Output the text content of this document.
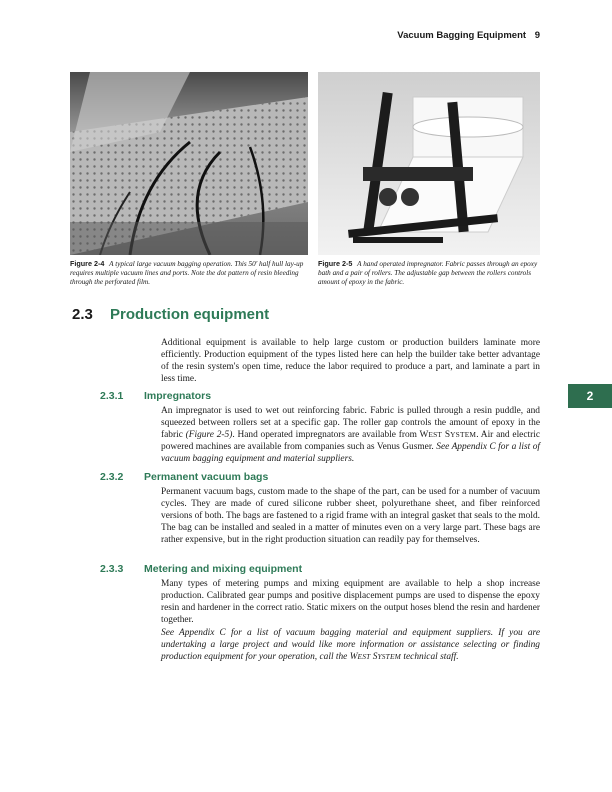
Vacuum Bagging Equipment 9
Figure 2-4 A typical large vacuum bagging operation. This 50' half hull lay-up requires multiple vacuum lines and ports. Note the dot pattern of resin bleeding through the perforated film.
Figure 2-5 A hand operated impregnator. Fabric passes through an epoxy bath and a pair of rollers. The adjustable gap between the rollers controls amount of epoxy in the fabric.
2.3 Production equipment
Additional equipment is available to help large custom or production builders laminate more efficiently. Production equipment of the types listed here can help the builder take better advantage of the resin system's open time, reduce the labor required to produce a part, and laminate a part in less time.
2.3.1 Impregnators
An impregnator is used to wet out reinforcing fabric. Fabric is pulled through a resin puddle, and squeezed between rollers set at a specific gap. The roller gap controls the amount of epoxy in the fabric (Figure 2-5). Hand operated impregnators are available from WEST SYSTEM. Air and electric powered machines are available from companies such as Venus Gusmer. See Appendix C for a list of vacuum bagging equipment and material suppliers.
2.3.2 Permanent vacuum bags
Permanent vacuum bags, custom made to the shape of the part, can be used for a number of vacuum cycles. They are made of cured silicone rubber sheet, polyurethane sheet, and fiber reinforced versions of both. The bags are fastened to a rigid frame with an integral gasket that seals to the mold. The bag can be installed and sealed in a matter of minutes even on a very large part. These bags are rather expensive, but in the right production situation can readily pay for themselves.
2.3.3 Metering and mixing equipment
Many types of metering pumps and mixing equipment are available to help a shop increase production. Calibrated gear pumps and positive displacement pumps are used to dispense the epoxy resin and hardener in the correct ratio. Static mixers on the output hoses blend the resin and hardener together.
See Appendix C for a list of vacuum bagging material and equipment suppliers. If you are undertaking a large project and would like more information or assistance selecting or finding production equipment for your operation, call the WEST SYSTEM technical staff.
2
